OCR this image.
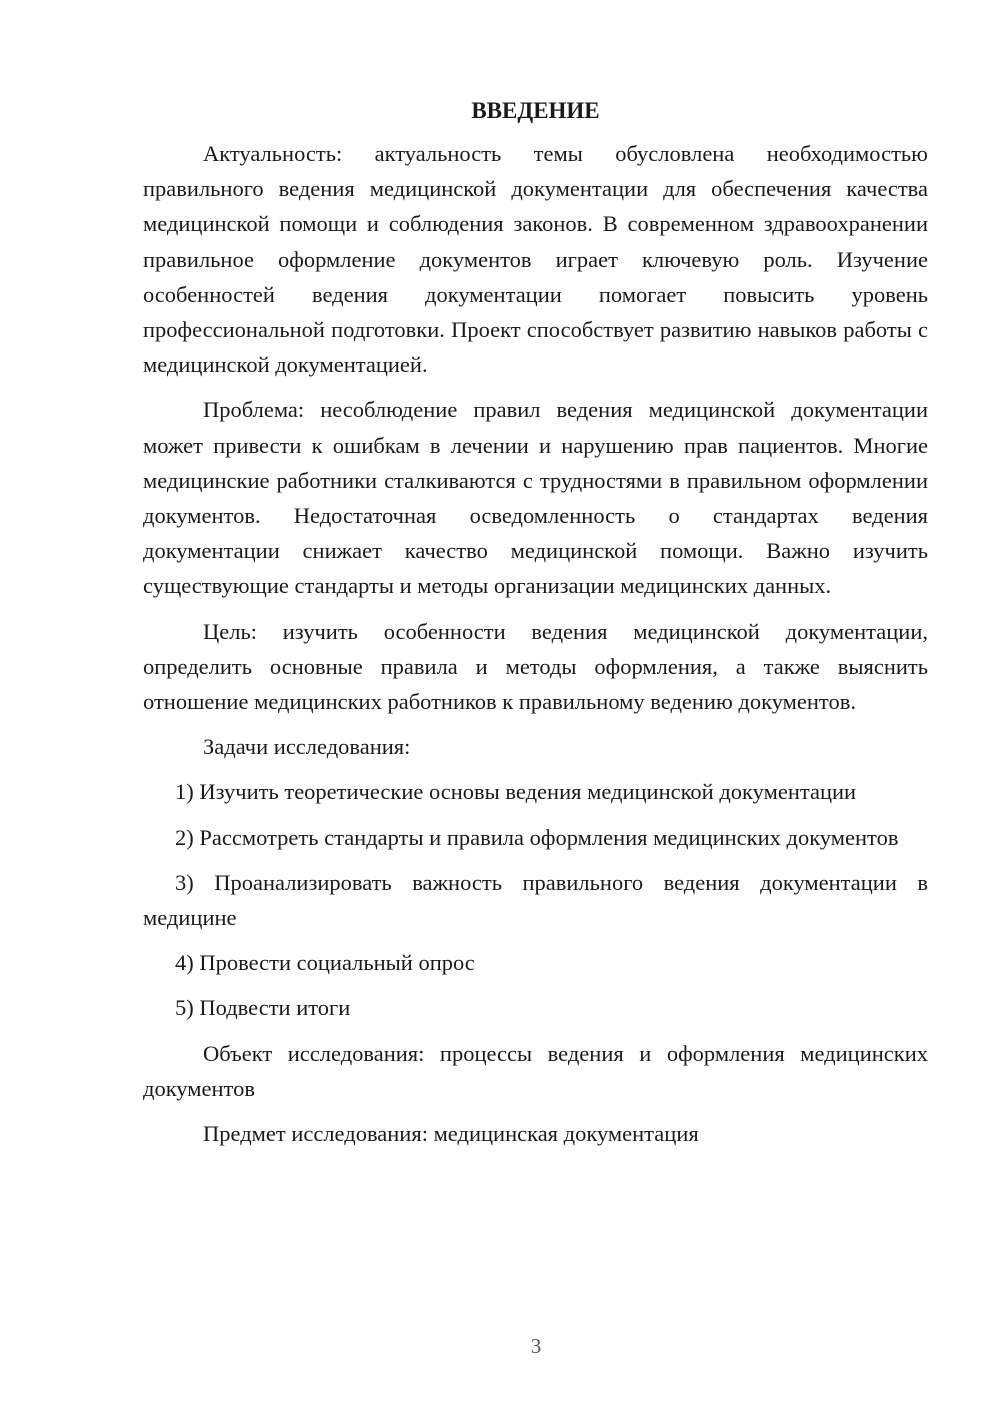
ВВЕДЕНИЕ

Актуальность: актуальность темы обусловлена необходимостью правильного ведения медицинской документации для обеспечения качества медицинской помощи и соблюдения законов. В современном здравоохранении правильное оформление документов играет ключевую роль. Изучение особенностей ведения документации помогает повысить уровень профессиональной подготовки. Проект способствует развитию навыков работы с медицинской документацией.

Проблема: несоблюдение правил ведения медицинской документации может привести к ошибкам в лечении и нарушению прав пациентов. Многие медицинские работники сталкиваются с трудностями в правильном оформлении документов. Недостаточная осведомленность о стандартах ведения документации снижает качество медицинской помощи. Важно изучить существующие стандарты и методы организации медицинских данных.

Цель: изучить особенности ведения медицинской документации, определить основные правила и методы оформления, а также выяснить отношение медицинских работников к правильному ведению документов.

Задачи исследования:

1) Изучить теоретические основы ведения медицинской документации

2) Рассмотреть стандарты и правила оформления медицинских документов

3) Проанализировать важность правильного ведения документации в медицине

4) Провести социальный опрос

5) Подвести итоги

Объект исследования: процессы ведения и оформления медицинских документов

Предмет исследования: медицинская документация

3
